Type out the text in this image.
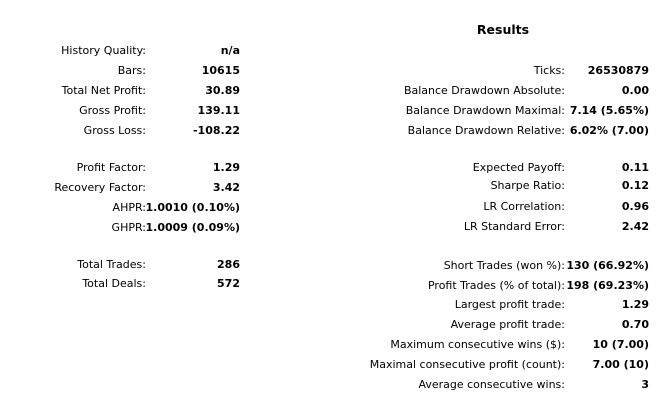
Results
History Quality:	n/a
Bars:	10615
Total Net Profit:	30.89
Gross Profit:	139.11
Gross Loss:	-108.22
Profit Factor:	1.29
Recovery Factor:	3.42
AHPR: 1.0010 (0.10%)
GHPR: 1.0009 (0.09%)
Total Trades:	286
Total Deals:	572
Ticks: 26530879
Balance Drawdown Absolute:	0.00
Balance Drawdown Maximal: 7.14 (5.65%)
Balance Drawdown Relative: 6.02% (7.00)
Expected Payoff:	0.11
Sharpe Ratio:	0.12
LR Correlation:	0.96
LR Standard Error:	2.42
Short Trades (won %): 130 (66.92%)
Profit Trades (% of total): 198 (69.23%)
Largest profit trade:	1.29
Average profit trade:	0.70
Maximum consecutive wins ($):	10 (7.00)
Maximal consecutive profit (count):	7.00 (10)
Average consecutive wins:	3
